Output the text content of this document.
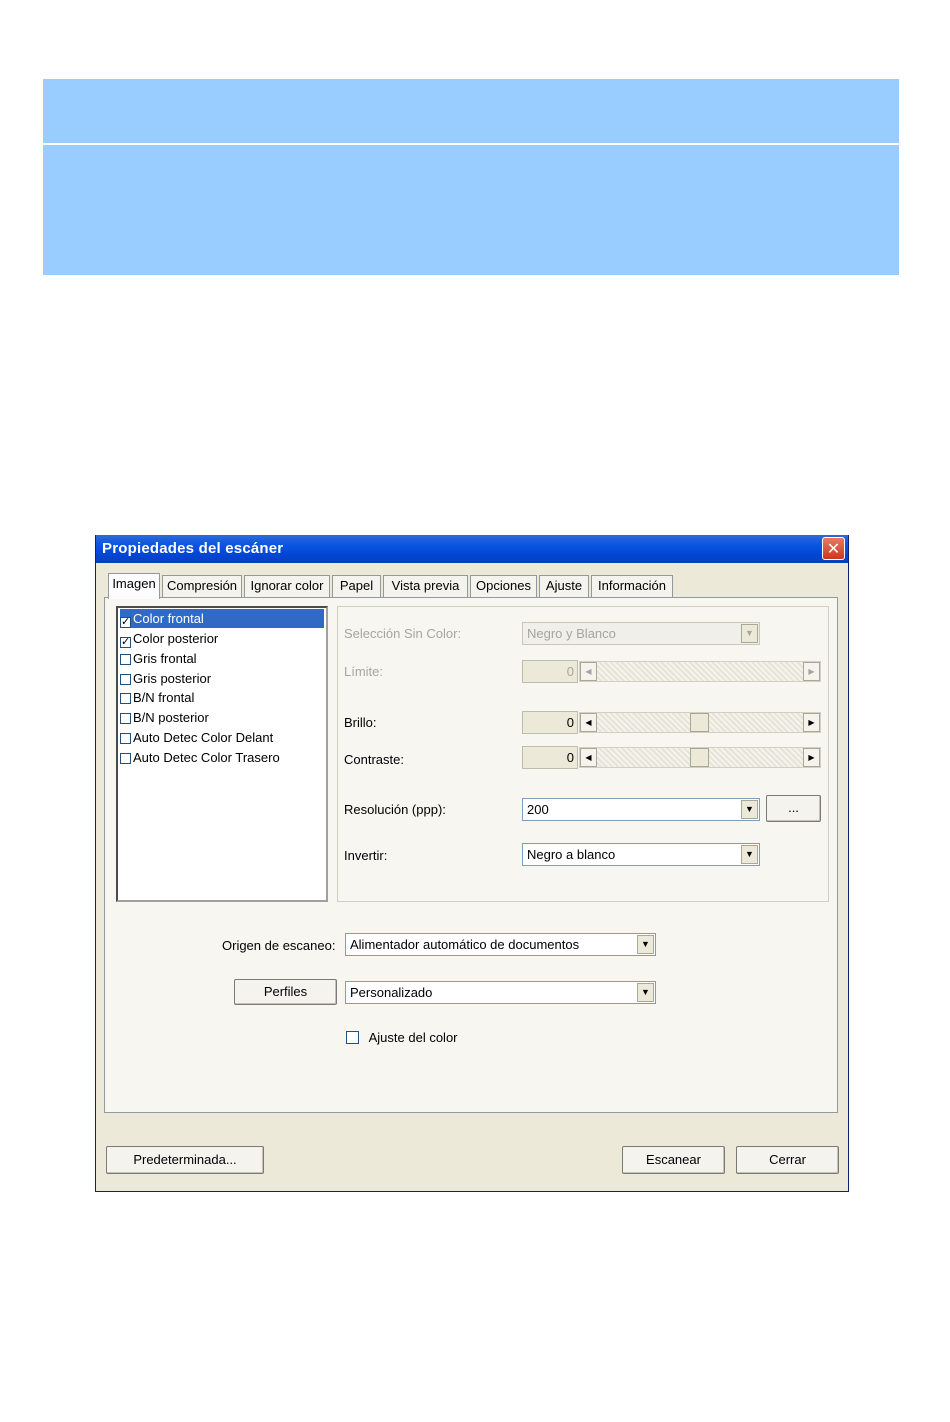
Propiedades del escáner	✕
Imagen Compresión	Ignorar color	Papel	Vista previa	Opciones	Ajuste	Información
✓ Color frontal
✓ Color posterior
Gris frontal
Gris posterior
B/N frontal
B/N posterior
Auto Detec Color Delant
Auto Detec Color Trasero
Selección Sin Color:	Negro y Blanco	▼
Límite:	0	◀	▶
Brillo:	0	◀	▶
Contraste:	0	◀	▶
Resolución (ppp):	200	▼	...
Invertir:	Negro a blanco	▼
Origen de escaneo: Alimentador automático de documentos	▼
Perfiles	Personalizado	▼
Ajuste del color
Predeterminada...	Escanear	Cerrar
